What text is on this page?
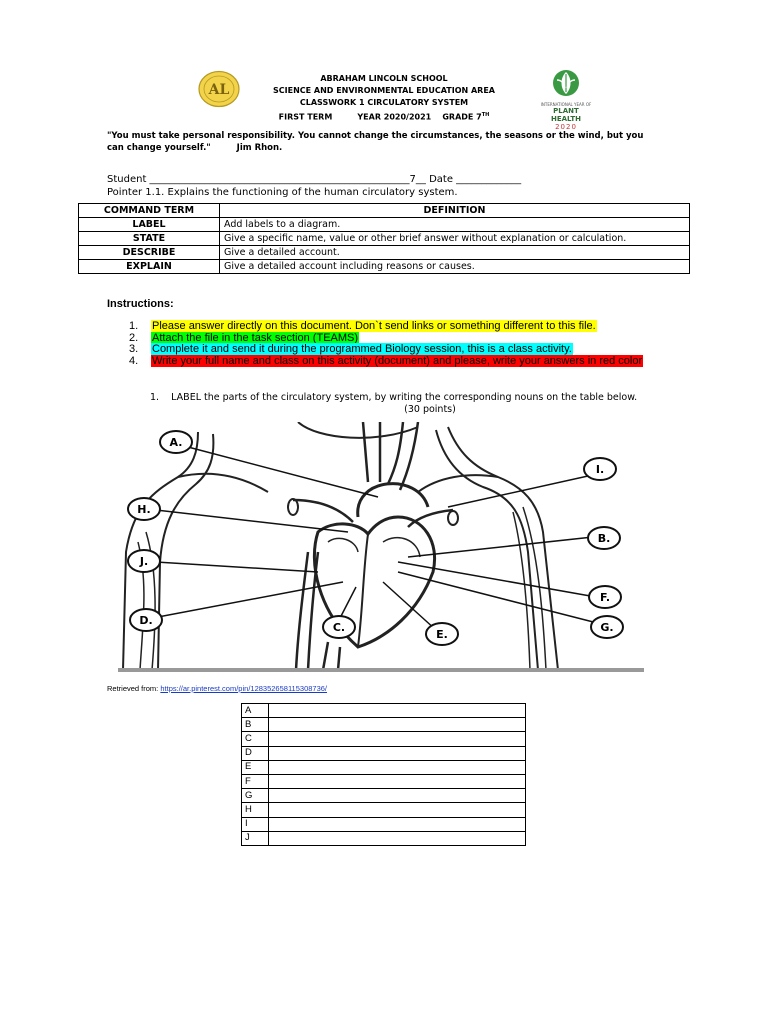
AL
INTERNATIONAL YEAR OF
PLANT HEALTH
2020
ABRAHAM LINCOLN SCHOOL
SCIENCE AND ENVIRONMENTAL EDUCATION AREA
CLASSWORK 1 CIRCULATORY SYSTEM
FIRST TERM         YEAR 2020/2021    GRADE 7TH
"You must take personal responsibility. You cannot change the circumstances, the seasons or the wind, but you can change yourself."	Jim Rhon.
Student ____________________________________________________7__ Date _____________
Pointer 1.1. Explains the functioning of the human circulatory system.
COMMAND TERM	DEFINITION
LABEL	Add labels to a diagram.
STATE	Give a specific name, value or other brief answer without explanation or calculation.
DESCRIBE	Give a detailed account.
EXPLAIN	Give a detailed account including reasons or causes.
Instructions:
1.	Please answer directly on this document. Don`t send links or something different to this file.
2.	Attach the file in the task section (TEAMS)
3.	Complete it and send it during the programmed Biology session, this is a class activity.
4.	Write your full name and class on this activity (document) and please, write your answers in red color
1. LABEL the parts of the circulatory system, by writing the corresponding nouns on the table below.
(30 points)
A.
B.
C.
D.
E.
F.
G.
H.
I.
J.
Retrieved from: https://ar.pinterest.com/pin/128352658115308736/
A	
B	
C	
D	
E	
F	
G	
H	
I	
J	
